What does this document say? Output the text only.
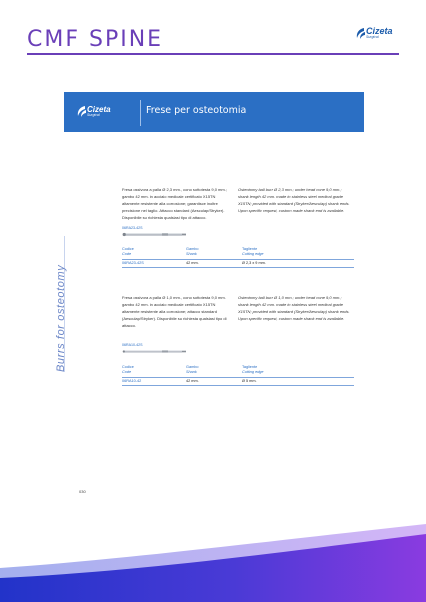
CMF SPINE	Cizeta
Surgical
Cizeta
Surgical	Frese per osteotomia
Burrs for osteotomy
030
Fresa ossivora a palla Ø 2,3 mm., cono sottotesta 9,0 mm.; gambo 42 mm. in acciaio medicale certificato X15TN altamente resistente alla corrosione; garantisce inoltre precisione nel taglio. Attacco standard (Aesculap/Stryker). Disponibile su richiesta qualsiasi tipo di attacco.
Osteotomy ball burr Ø 2,3 mm.; under head cone 9,0 mm.; shank length 42 mm. made in stainless steel medical grade X15TN; provided with standard (Stryker/Aesculap) shank ends. Upon specific request, custom made shank end is available.
06RA23-42S
Codice
Code
Gambo
Shank
Tagliente
Cutting edge
06RA23-42S	42 mm.	Ø 2,3 x 9 mm.
Fresa ossivora a palla Ø 1,0 mm., cono sottotesta 9,0 mm. gambo 42 mm. in acciaio medicale certificato X15TN altamente resistente alla corrosione; attacco standard (Aesculap/Stryker). Disponibile su richiesta qualsiasi tipo di attacco.
Osteotomy ball burr Ø 1,0 mm.; under head cone 9,0 mm.; shank length 42 mm. made in stainless steel medical grade X15TN; provided with standard (Stryker/Aesculap) shank ends. Upon specific request, custom made shank end is available.
06RA10-42S
Codice
Code
Gambo
Shank
Tagliente
Cutting edge
06RA10-42	42 mm.	Ø 5 mm.
